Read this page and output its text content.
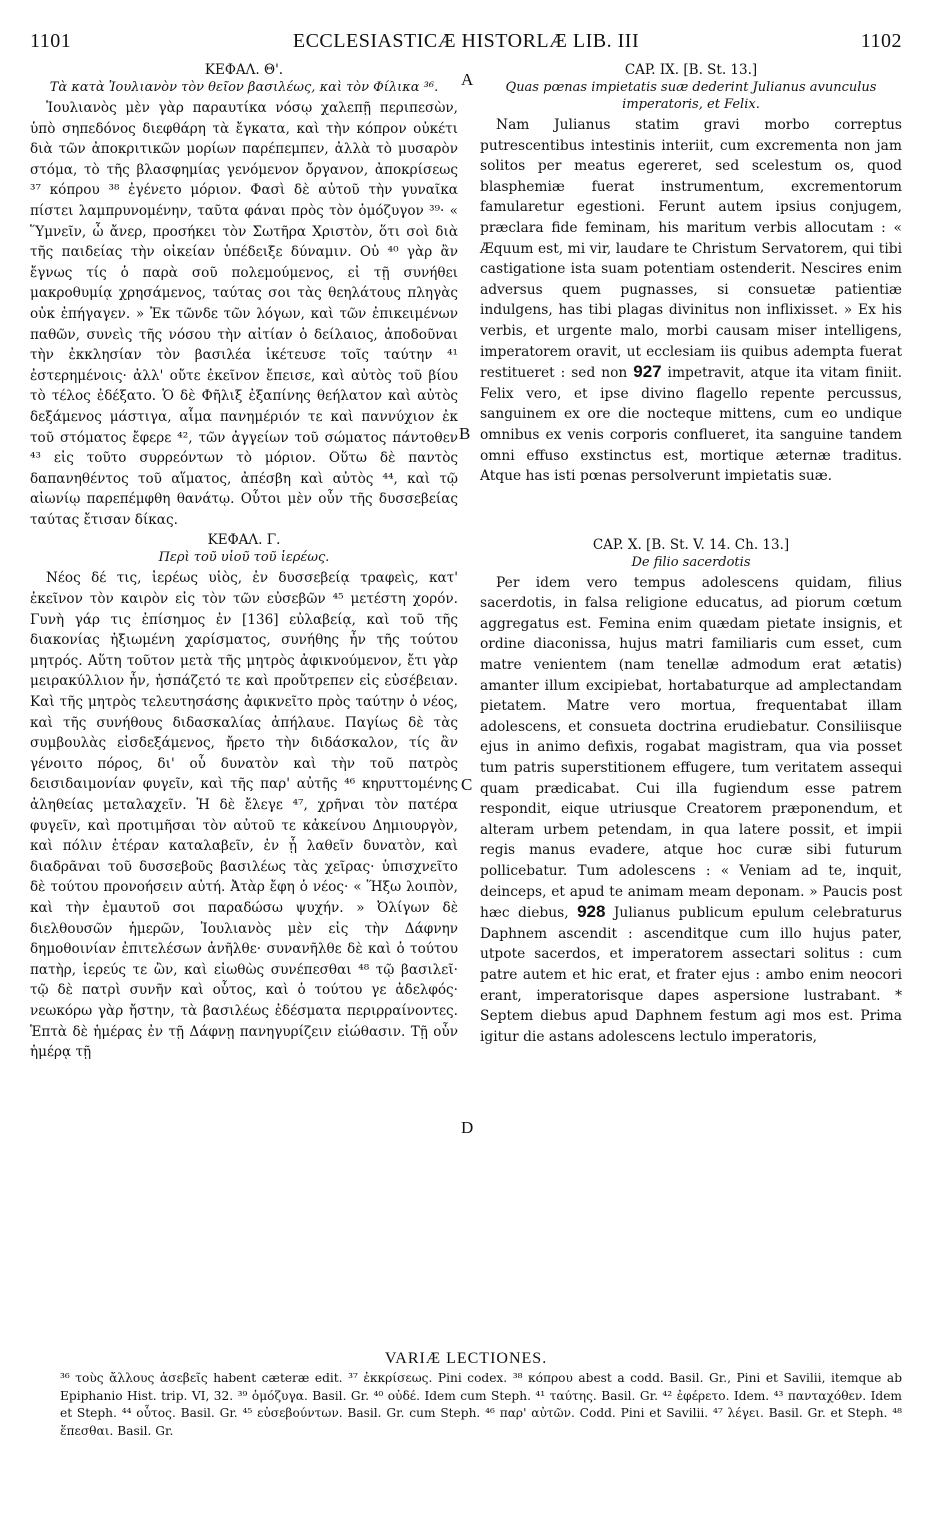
1101	ECCLESIASTICÆ HISTORLÆ LIB. III	1102
A
B
C
D

ΚΕΦΑΛ. Θ'.

Τὰ κατὰ Ἰουλιανὸν τὸν θεῖον βασιλέως, καὶ τὸν Φίλικα ³⁶.

Ἰουλιανὸς μὲν γὰρ παραυτίκα νόσῳ χαλεπῇ περιπεσὼν, ὑπὸ σηπεδόνος διεφθάρη τὰ ἔγκατα, καὶ τὴν κόπρον οὐκέτι διὰ τῶν ἀποκριτικῶν μορίων παρέπεμπεν, ἀλλὰ τὸ μυσαρὸν στόμα, τὸ τῆς βλασφημίας γενόμενον ὄργανον, ἀποκρίσεως ³⁷ κόπρου ³⁸ ἐγένετο μόριον. Φασὶ δὲ αὐτοῦ τὴν γυναῖκα πίστει λαμπρυνομένην, ταῦτα φάναι πρὸς τὸν ὁμόζυγον ³⁹· « Ὕμνεῖν, ὦ ἄνερ, προσήκει τὸν Σωτῆρα Χριστὸν, ὅτι σοὶ διὰ τῆς παιδείας τὴν οἰκείαν ὑπέδειξε δύναμιν. Οὐ ⁴⁰ γὰρ ἂν ἔγνως τίς ὁ παρὰ σοῦ πολεμούμενος, εἰ τῇ συνήθει μακροθυμίᾳ χρησάμενος, ταύτας σοι τὰς θεηλάτους πληγὰς οὐκ ἐπήγαγεν. » Ἐκ τῶνδε τῶν λόγων, καὶ τῶν ἐπικειμένων παθῶν, συνεὶς τῆς νόσου τὴν αἰτίαν ὁ δείλαιος, ἀποδοῦναι τὴν ἐκκλησίαν τὸν βασιλέα ἱκέτευσε τοῖς ταύτην ⁴¹ ἐστερημένοις· ἀλλ' οὔτε ἐκεῖνον ἔπεισε, καὶ αὐτὸς τοῦ βίου τὸ τέλος ἐδέξατο. Ὁ δὲ Φῆλιξ ἐξαπίνης θεήλατον καὶ αὐτὸς δεξάμενος μάστιγα, αἷμα πανημέριόν τε καὶ παννύχιον ἐκ τοῦ στόματος ἔφερε ⁴², τῶν ἀγγείων τοῦ σώματος πάντοθεν ⁴³ εἰς τοῦτο συρρεόντων τὸ μόριον. Οὕτω δὲ παντὸς δαπανηθέντος τοῦ αἵματος, ἀπέσβη καὶ αὐτὸς ⁴⁴, καὶ τῷ αἰωνίῳ παρεπέμφθη θανάτῳ. Οὗτοι μὲν οὖν τῆς δυσσεβείας ταύτας ἔτισαν δίκας.

ΚΕΦΑΛ. Γ.

Περὶ τοῦ υἱοῦ τοῦ ἱερέως.

Νέος δέ τις, ἱερέως υἱὸς, ἐν δυσσεβείᾳ τραφεὶς, κατ' ἐκεῖνον τὸν καιρὸν εἰς τὸν τῶν εὐσεβῶν ⁴⁵ μετέστη χορόν. Γυνὴ γάρ τις ἐπίσημος ἐν [136] εὐλαβείᾳ, καὶ τοῦ τῆς διακονίας ἠξιωμένη χαρίσματος, συνήθης ἦν τῆς τούτου μητρός. Αὕτη τοῦτον μετὰ τῆς μητρὸς ἀφικνούμενον, ἔτι γὰρ μειρακύλλιον ἦν, ἠσπάζετό τε καὶ προὔτρεπεν εἰς εὐσέβειαν. Καὶ τῆς μητρὸς τελευτησάσης ἀφικνεῖτο πρὸς ταύτην ὁ νέος, καὶ τῆς συνήθους διδασκαλίας ἀπήλαυε. Παγίως δὲ τὰς συμβουλὰς εἰσδεξάμενος, ἤρετο τὴν διδάσκαλον, τίς ἂν γένοιτο πόρος, δι' οὗ δυνατὸν καὶ τὴν τοῦ πατρὸς δεισιδαιμονίαν φυγεῖν, καὶ τῆς παρ' αὐτῆς ⁴⁶ κηρυττομένης ἀληθείας μεταλαχεῖν. Ἡ δὲ ἔλεγε ⁴⁷, χρῆναι τὸν πατέρα φυγεῖν, καὶ προτιμῆσαι τὸν αὐτοῦ τε κἀκείνου Δημιουργὸν, καὶ πόλιν ἑτέραν καταλαβεῖν, ἐν ᾗ λαθεῖν δυνατὸν, καὶ διαδρᾶναι τοῦ δυσσεβοῦς βασιλέως τὰς χεῖρας· ὑπισχνεῖτο δὲ τούτου προνοήσειν αὐτή. Ἀτὰρ ἔφη ὁ νέος· « Ἥξω λοιπὸν, καὶ τὴν ἐμαυτοῦ σοι παραδώσω ψυχήν. » Ὀλίγων δὲ διελθουσῶν ἡμερῶν, Ἰουλιανὸς μὲν εἰς τὴν Δάφνην δημοθοινίαν ἐπιτελέσων ἀνῆλθε· συνανῆλθε δὲ καὶ ὁ τούτου πατὴρ, ἱερεύς τε ὢν, καὶ εἰωθὼς συνέπεσθαι ⁴⁸ τῷ βασιλεῖ· τῷ δὲ πατρὶ συνῆν καὶ οὗτος, καὶ ὁ τούτου γε ἀδελφός· νεωκόρω γὰρ ἤστην, τὰ βασιλέως ἐδέσματα περιρραίνοντες. Ἑπτὰ δὲ ἡμέρας ἐν τῇ Δάφνῃ πανηγυρίζειν εἰώθασιν. Τῇ οὖν ἡμέρᾳ τῇ

CAP. IX. [B. St. 13.]

Quas pœnas impietatis suæ dederint Julianus avunculus imperatoris, et Felix.

Nam Julianus statim gravi morbo correptus putrescentibus intestinis interiit, cum excrementa non jam solitos per meatus egereret, sed scelestum os, quod blasphemiæ fuerat instrumentum, excrementorum famularetur egestioni. Ferunt autem ipsius conjugem, præclara fide feminam, his maritum verbis allocutam : « Æquum est, mi vir, laudare te Christum Servatorem, qui tibi castigatione ista suam potentiam ostenderit. Nescires enim adversus quem pugnasses, si consuetæ patientiæ indulgens, has tibi plagas divinitus non inflixisset. » Ex his verbis, et urgente malo, morbi causam miser intelligens, imperatorem oravit, ut ecclesiam iis quibus adempta fuerat restitueret : sed non 927 impetravit, atque ita vitam finiit. Felix vero, et ipse divino flagello repente percussus, sanguinem ex ore die nocteque mittens, cum eo undique omnibus ex venis corporis conflueret, ita sanguine tandem omni effuso exstinctus est, mortique æternæ traditus. Atque has isti pœnas persolverunt impietatis suæ.

CAP. X. [B. St. V. 14. Ch. 13.]

De filio sacerdotis

Per idem vero tempus adolescens quidam, filius sacerdotis, in falsa religione educatus, ad piorum cœtum aggregatus est. Femina enim quædam pietate insignis, et ordine diaconissa, hujus matri familiaris cum esset, cum matre venientem (nam tenellæ admodum erat ætatis) amanter illum excipiebat, hortabaturque ad amplectandam pietatem. Matre vero mortua, frequentabat illam adolescens, et consueta doctrina erudiebatur. Consiliisque ejus in animo defixis, rogabat magistram, qua via posset tum patris superstitionem effugere, tum veritatem assequi quam prædicabat. Cui illa fugiendum esse patrem respondit, eique utriusque Creatorem præponendum, et alteram urbem petendam, in qua latere possit, et impii regis manus evadere, atque hoc curæ sibi futurum pollicebatur. Tum adolescens : « Veniam ad te, inquit, deinceps, et apud te animam meam deponam. » Paucis post hæc diebus, 928 Julianus publicum epulum celebraturus Daphnem ascendit : ascenditque cum illo hujus pater, utpote sacerdos, et imperatorem assectari solitus : cum patre autem et hic erat, et frater ejus : ambo enim neocori erant, imperatorisque dapes aspersione lustrabant. * Septem diebus apud Daphnem festum agi mos est. Prima igitur die astans adolescens lectulo imperatoris,

VARIÆ LECTIONES.

³⁶ τοὺς ἄλλους ἀσεβεῖς habent cæteræ edit. ³⁷ ἐκκρίσεως. Pini codex. ³⁸ κόπρου abest a codd. Basil. Gr., Pini et Savilii, itemque ab Epiphanio Hist. trip. VI, 32. ³⁹ ὁμόζυγα. Basil. Gr. ⁴⁰ οὐδέ. Idem cum Steph. ⁴¹ ταύτης. Basil. Gr. ⁴² ἐφέρετο. Idem. ⁴³ πανταχόθεν. Idem et Steph. ⁴⁴ οὗτος. Basil. Gr. ⁴⁵ εὐσεβούντων. Basil. Gr. cum Steph. ⁴⁶ παρ' αὐτῶν. Codd. Pini et Savilii. ⁴⁷ λέγει. Basil. Gr. et Steph. ⁴⁸ ἕπεσθαι. Basil. Gr.
